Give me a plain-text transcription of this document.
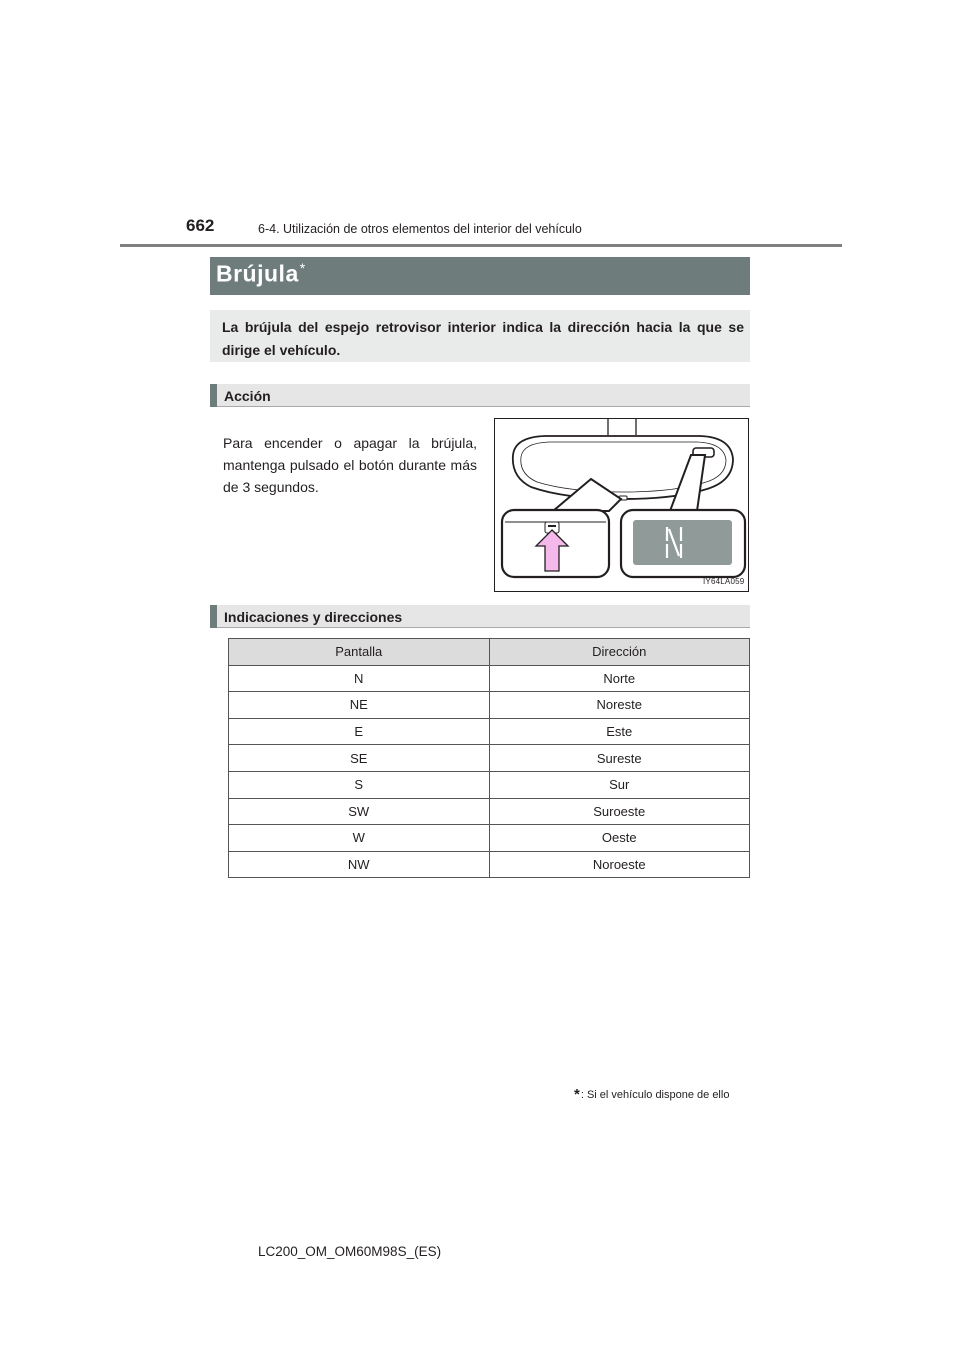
662	6-4. Utilización de otros elementos del interior del vehículo
Brújula*
La brújula del espejo retrovisor interior indica la dirección hacia la que se dirige el vehículo.
Acción
Para encender o apagar la brújula, mantenga pulsado el botón durante más de 3 segundos.
IY64LA059
Indicaciones y direcciones
Pantalla	Dirección
N	Norte
NE	Noreste
E	Este
SE	Sureste
S	Sur
SW	Suroeste
W	Oeste
NW	Noroeste
*: Si el vehículo dispone de ello
LC200_OM_OM60M98S_(ES)
